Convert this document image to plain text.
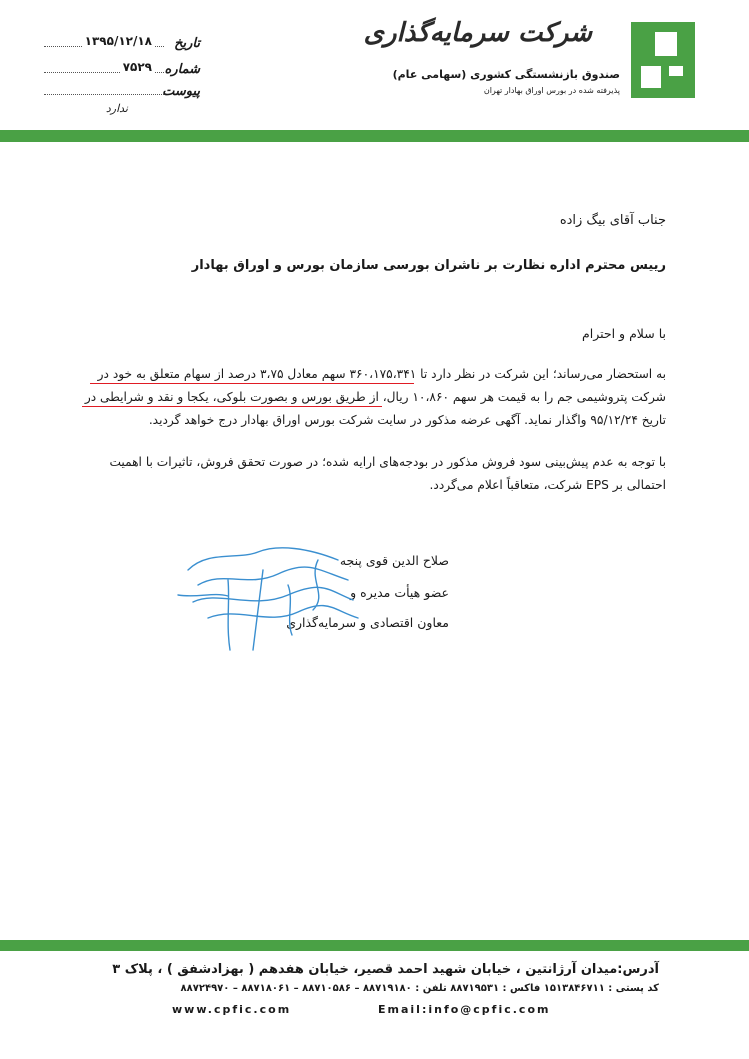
شرکت سرمایه‌گذاری
صندوق بازنشستگی کشوری (سهامی عام)
پذیرفته شده در بورس اوراق بهادار تهران
تاریخ
۱۳۹۵/۱۲/۱۸
شماره
۷۵۲۹
پیوست
ندارد
جناب آقای بیگ زاده
رییس محترم اداره نظارت بر ناشران بورسی سازمان بورس و اوراق بهادار
با سلام و احترام
به استحضار می‌رساند؛ این شرکت در نظر دارد تا ۳۶۰،۱۷۵،۳۴۱ سهم معادل ۳،۷۵ درصد از سهام متعلق به خود در
شرکت پتروشیمی جم را به قیمت هر سهم ۱۰،۸۶۰ ریال، از طریق بورس و بصورت بلوکی، یکجا و نقد و شرایطی در
تاریخ ۹۵/۱۲/۲۴ واگذار نماید. آگهی عرضه مذکور در سایت شرکت بورس اوراق بهادار درج خواهد گردید.
با توجه به عدم پیش‌بینی سود فروش مذکور در بودجه‌های ارایه شده؛ در صورت تحقق فروش، تاثیرات با اهمیت
احتمالی بر EPS شرکت، متعاقباً اعلام می‌گردد.
صلاح الدین قوی پنجه
عضو هیأت مدیره و
معاون اقتصادی و سرمایه‌گذاری
آدرس:میدان آرژانتین ، خیابان شهید احمد قصیر، خیابان هفدهم ( بهزادشفق ) ، پلاک ۳
کد پستی : ۱۵۱۳۸۴۶۷۱۱ فاکس : ۸۸۷۱۹۵۳۱ تلفن : ۸۸۷۱۹۱۸۰ – ۸۸۷۱۰۵۸۶ – ۸۸۷۱۸۰۶۱ – ۸۸۷۲۴۹۷۰
www.cpfic.com	Email:info@cpfic.com
